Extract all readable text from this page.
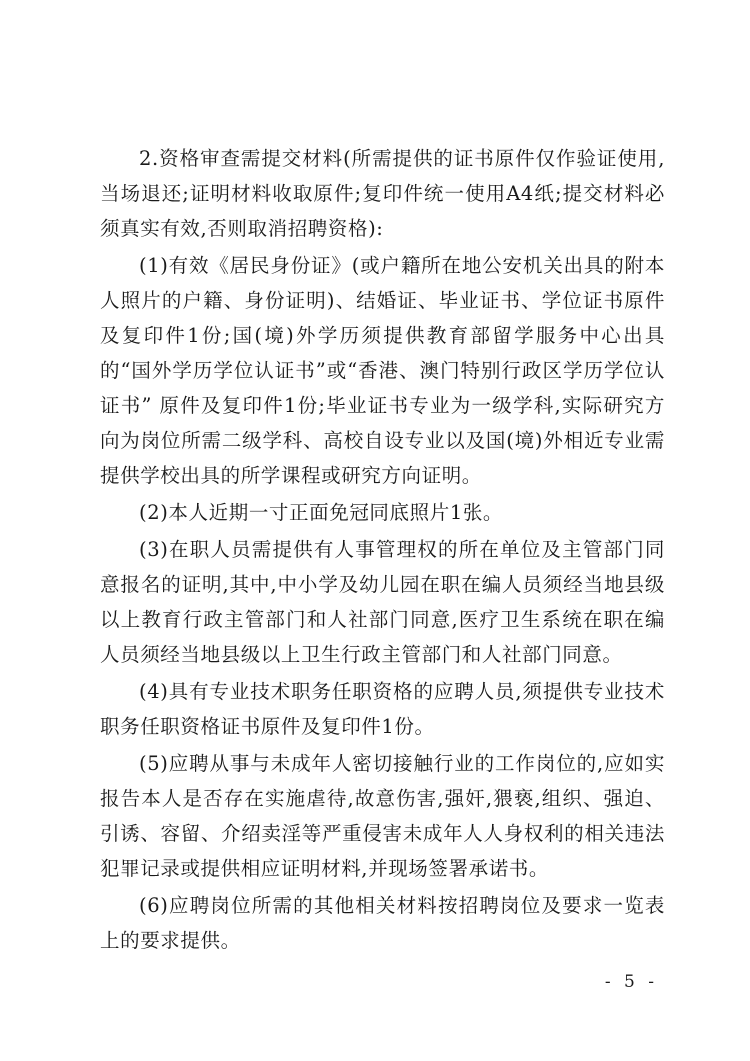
2.资格审查需提交材料(所需提供的证书原件仅作验证使用,当场退还;证明材料收取原件;复印件统一使用A4纸;提交材料必须真实有效,否则取消招聘资格):

(1)有效《居民身份证》(或户籍所在地公安机关出具的附本人照片的户籍、身份证明)、结婚证、毕业证书、学位证书原件及复印件1份;国(境)外学历须提供教育部留学服务中心出具的“国外学历学位认证书”或“香港、澳门特别行政区学历学位认证书” 原件及复印件1份;毕业证书专业为一级学科,实际研究方向为岗位所需二级学科、高校自设专业以及国(境)外相近专业需提供学校出具的所学课程或研究方向证明。

(2)本人近期一寸正面免冠同底照片1张。

(3)在职人员需提供有人事管理权的所在单位及主管部门同意报名的证明,其中,中小学及幼儿园在职在编人员须经当地县级以上教育行政主管部门和人社部门同意,医疗卫生系统在职在编人员须经当地县级以上卫生行政主管部门和人社部门同意。

(4)具有专业技术职务任职资格的应聘人员,须提供专业技术职务任职资格证书原件及复印件1份。

(5)应聘从事与未成年人密切接触行业的工作岗位的,应如实报告本人是否存在实施虐待,故意伤害,强奸,猥亵,组织、强迫、引诱、容留、介绍卖淫等严重侵害未成年人人身权利的相关违法犯罪记录或提供相应证明材料,并现场签署承诺书。

(6)应聘岗位所需的其他相关材料按招聘岗位及要求一览表上的要求提供。

- 5 -
